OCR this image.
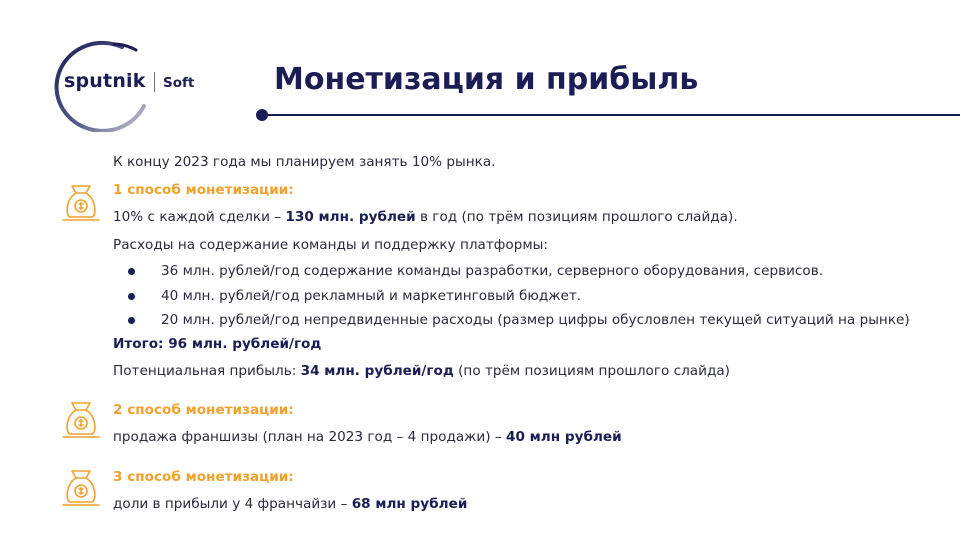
sputnik Soft	Монетизация и прибыль
К концу 2023 года мы планируем занять 10% рынка.
1 способ монетизации:
10% с каждой сделки – 130 млн. рублей в год (по трём позициям прошлого слайда).
Расходы на содержание команды и поддержку платформы:
36 млн. рублей/год содержание команды разработки, серверного оборудования, сервисов.
40 млн. рублей/год рекламный и маркетинговый бюджет.
20 млн. рублей/год непредвиденные расходы (размер цифры обусловлен текущей ситуаций на рынке)
Итого: 96 млн. рублей/год
Потенциальная прибыль: 34 млн. рублей/год (по трём позициям прошлого слайда)
2 способ монетизации:
продажа франшизы (план на 2023 год – 4 продажи) – 40 млн рублей
3 способ монетизации:
доли в прибыли у 4 франчайзи – 68 млн рублей
